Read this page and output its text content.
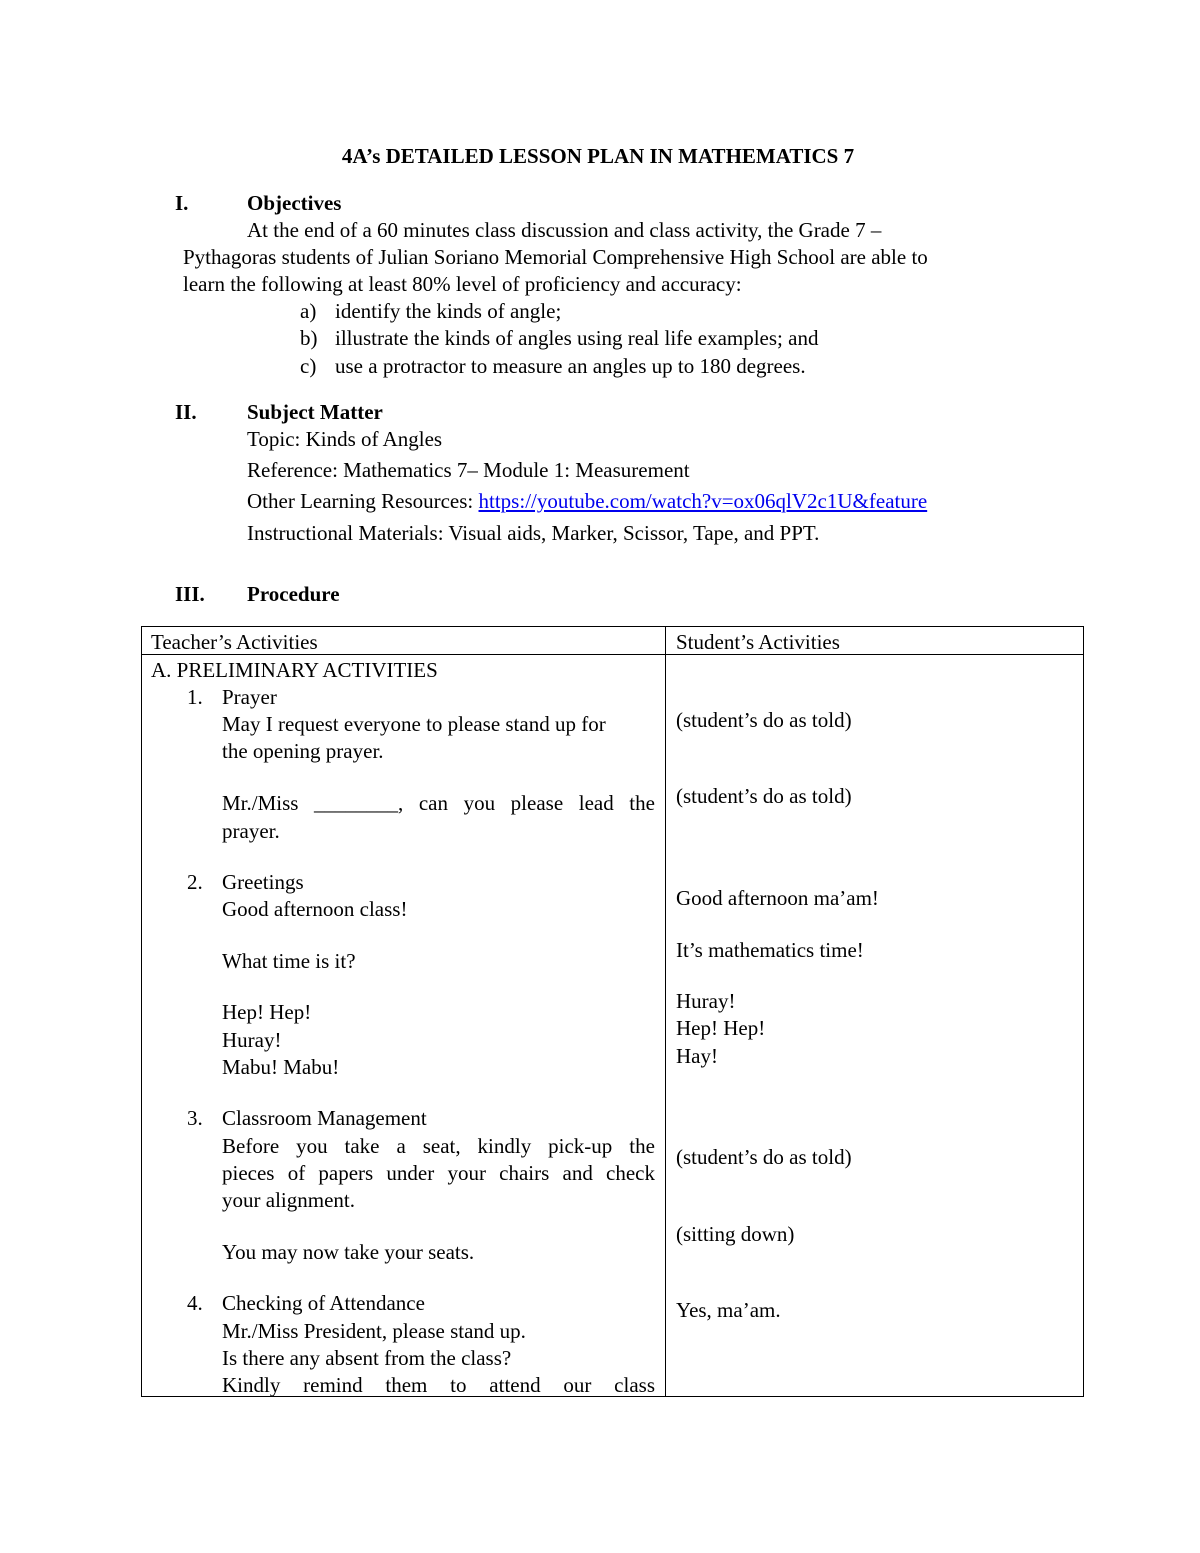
4A’s DETAILED LESSON PLAN IN MATHEMATICS 7
I.	Objectives
At the end of a 60 minutes class discussion and class activity, the Grade 7 –
Pythagoras students of Julian Soriano Memorial Comprehensive High School are able to
learn the following at least 80% level of proficiency and accuracy:
a) identify the kinds of angle;
b) illustrate the kinds of angles using real life examples; and
c) use a protractor to measure an angles up to 180 degrees.
II. Subject Matter
Topic: Kinds of Angles
Reference: Mathematics 7– Module 1: Measurement
Other Learning Resources: https://youtube.com/watch?v=ox06qlV2c1U&feature
Instructional Materials: Visual aids, Marker, Scissor, Tape, and PPT.
III. Procedure
Teacher’s Activities	Student’s Activities
A. PRELIMINARY ACTIVITIES
1. Prayer
May I request everyone to please stand up for
the opening prayer.
Mr./Miss ________, can you please lead the
prayer.
(student’s do as told)
(student’s do as told)
2. Greetings
Good afternoon class!
What time is it?
Hep! Hep!
Huray!
Mabu! Mabu!
Good afternoon ma’am!
It’s mathematics time!
Huray!
Hep! Hep!
Hay!
3. Classroom Management
Before you take a seat, kindly pick-up the
pieces of papers under your chairs and check
your alignment.
You may now take your seats.
(student’s do as told)
(sitting down)
4. Checking of Attendance
Mr./Miss President, please stand up.
Is there any absent from the class?
Kindly remind them to attend our class
Yes, ma’am.
